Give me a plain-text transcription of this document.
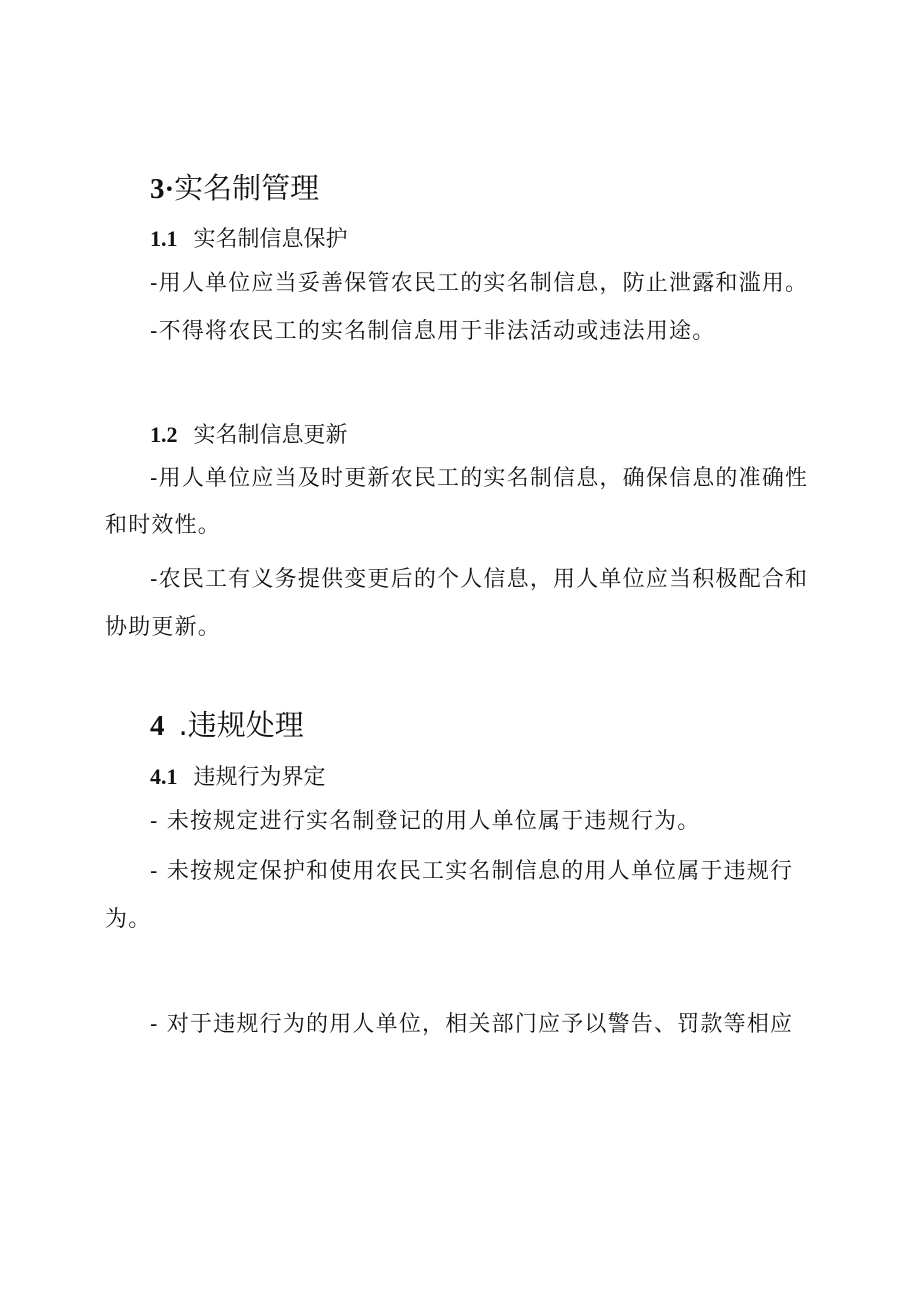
3·实名制管理
1.1 实名制信息保护

-用人单位应当妥善保管农民工的实名制信息，防止泄露和滥用。

-不得将农民工的实名制信息用于非法活动或违法用途。

1.2 实名制信息更新

-用人单位应当及时更新农民工的实名制信息，确保信息的准确性

和时效性。

-农民工有义务提供变更后的个人信息，用人单位应当积极配合和

协助更新。

4 .违规处理
4.1 违规行为界定

- 未按规定进行实名制登记的用人单位属于违规行为。

- 未按规定保护和使用农民工实名制信息的用人单位属于违规行

为。

- 对于违规行为的用人单位，相关部门应予以警告、罚款等相应
